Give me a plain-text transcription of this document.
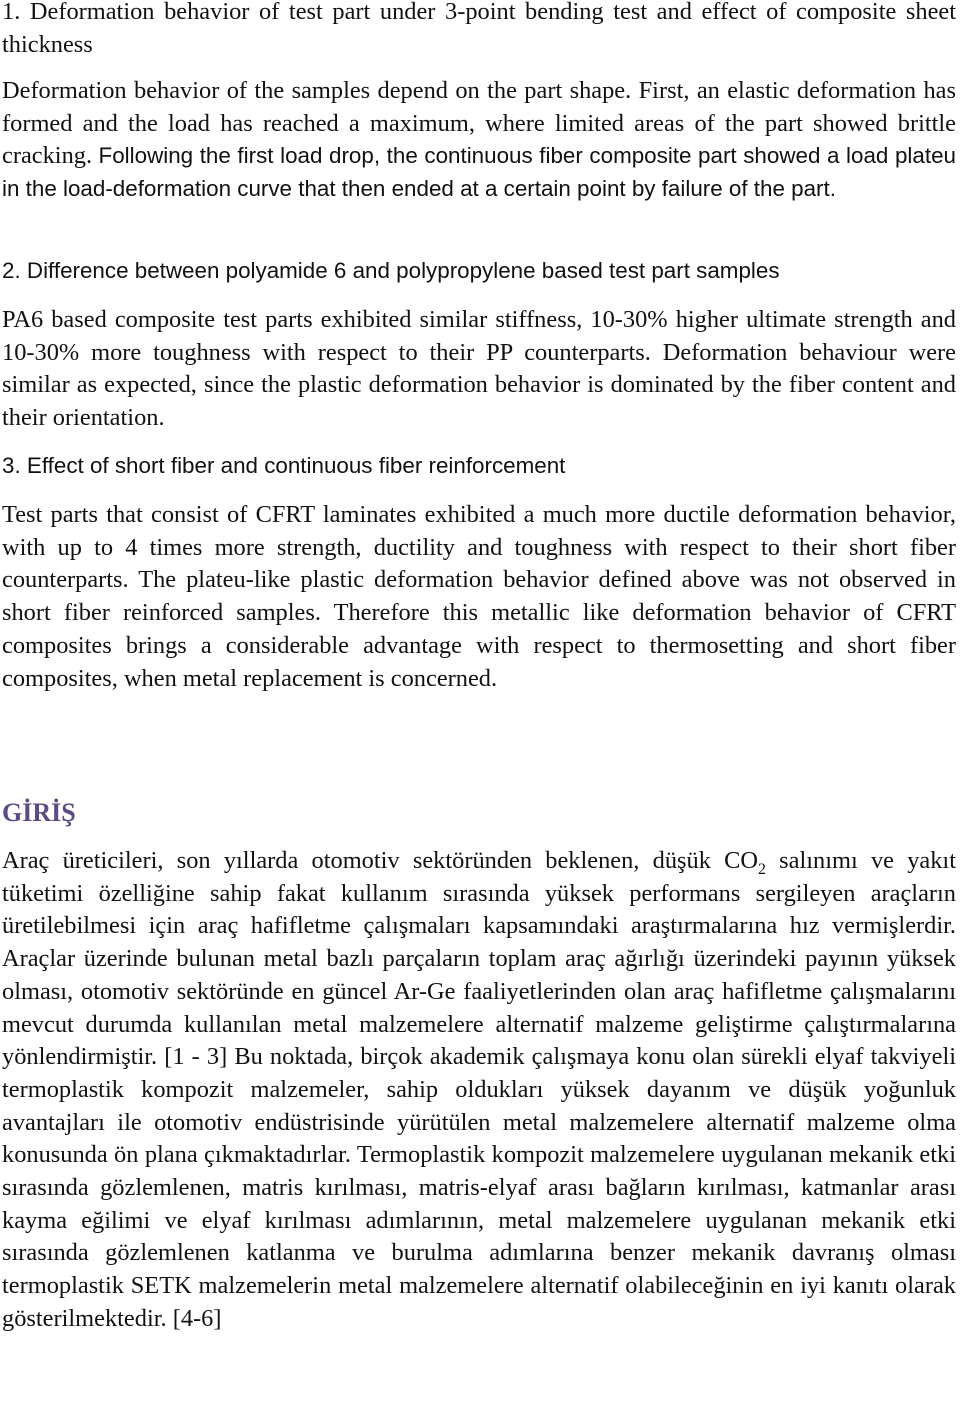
1. Deformation behavior of test part under 3-point bending test and effect of composite sheet thickness

Deformation behavior of the samples depend on the part shape. First, an elastic deformation has formed and the load has reached a maximum, where limited areas of the part showed brittle cracking. Following the first load drop, the continuous fiber composite part showed a load plateu in the load-deformation curve that then ended at a certain point by failure of the part.

2. Difference between polyamide 6 and polypropylene based test part samples

PA6 based composite test parts exhibited similar stiffness, 10-30% higher ultimate strength and 10-30% more toughness with respect to their PP counterparts. Deformation behaviour were similar as expected, since the plastic deformation behavior is dominated by the fiber content and their orientation.

3. Effect of short fiber and continuous fiber reinforcement

Test parts that consist of CFRT laminates exhibited a much more ductile deformation behavior, with up to 4 times more strength, ductility and toughness with respect to their short fiber counterparts. The plateu-like plastic deformation behavior defined above was not observed in short fiber reinforced samples. Therefore this metallic like deformation behavior of CFRT composites brings a considerable advantage with respect to thermosetting and short fiber composites, when metal replacement is concerned.

GİRİŞ

Araç üreticileri, son yıllarda otomotiv sektöründen beklenen, düşük $CO_2$ salınımı ve yakıt tüketimi özelliğine sahip fakat kullanım sırasında yüksek performans sergileyen araçların üretilebilmesi için araç hafifletme çalışmaları kapsamındaki araştırmalarına hız vermişlerdir. Araçlar üzerinde bulunan metal bazlı parçaların toplam araç ağırlığı üzerindeki payının yüksek olması, otomotiv sektöründe en güncel Ar-Ge faaliyetlerinden olan araç hafifletme çalışmalarını mevcut durumda kullanılan metal malzemelere alternatif malzeme geliştirme çalıştırmalarına yönlendirmiştir. [1 - 3] Bu noktada, birçok akademik çalışmaya konu olan sürekli elyaf takviyeli termoplastik kompozit malzemeler, sahip oldukları yüksek dayanım ve düşük yoğunluk avantajları ile otomotiv endüstrisinde yürütülen metal malzemelere alternatif malzeme olma konusunda ön plana çıkmaktadırlar. Termoplastik kompozit malzemelere uygulanan mekanik etki sırasında gözlemlenen, matris kırılması, matris-elyaf arası bağların kırılması, katmanlar arası kayma eğilimi ve elyaf kırılması adımlarının, metal malzemelere uygulanan mekanik etki sırasında gözlemlenen katlanma ve burulma adımlarına benzer mekanik davranış olması termoplastik SETK malzemelerin metal malzemelere alternatif olabileceğinin en iyi kanıtı olarak gösterilmektedir. [4-6]
